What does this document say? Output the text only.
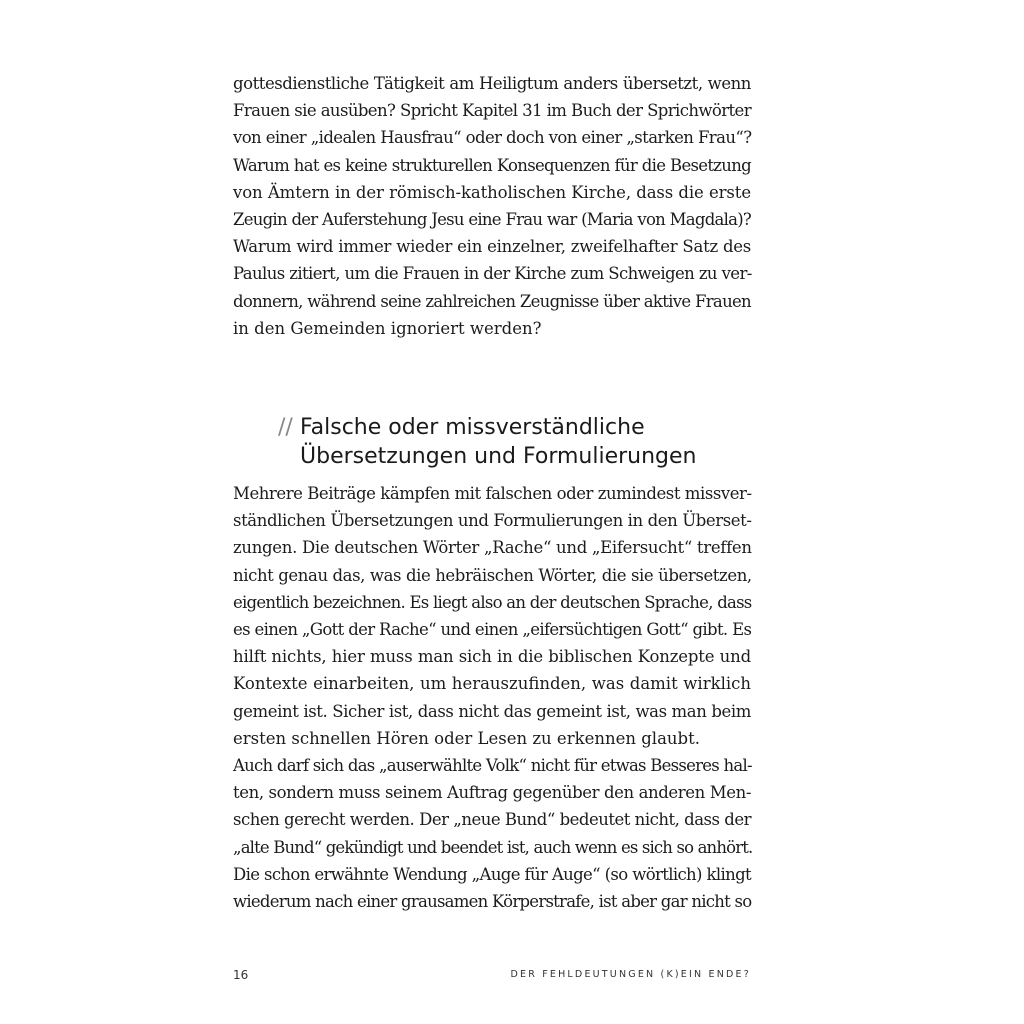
gottesdienstliche Tätigkeit am Heiligtum anders übersetzt, wenn
Frauen sie ausüben? Spricht Kapitel 31 im Buch der Sprichwörter
von einer „idealen Hausfrau“ oder doch von einer „starken Frau“?
Warum hat es keine strukturellen Konsequenzen für die Besetzung
von Ämtern in der römisch-katholischen Kirche, dass die erste
Zeugin der Auferstehung Jesu eine Frau war (Maria von Magdala)?
Warum wird immer wieder ein einzelner, zweifelhafter Satz des
Paulus zitiert, um die Frauen in der Kirche zum Schweigen zu ver-
donnern, während seine zahlreichen Zeugnisse über aktive Frauen
in den Gemeinden ignoriert werden?
// Falsche oder missverständliche
Übersetzungen und Formulierungen
Mehrere Beiträge kämpfen mit falschen oder zumindest missver-
ständlichen Übersetzungen und Formulierungen in den Überset-
zungen. Die deutschen Wörter „Rache“ und „Eifersucht“ treffen
nicht genau das, was die hebräischen Wörter, die sie übersetzen,
eigentlich bezeichnen. Es liegt also an der deutschen Sprache, dass
es einen „Gott der Rache“ und einen „eifersüchtigen Gott“ gibt. Es
hilft nichts, hier muss man sich in die biblischen Konzepte und
Kontexte einarbeiten, um herauszufinden, was damit wirklich
gemeint ist. Sicher ist, dass nicht das gemeint ist, was man beim
ersten schnellen Hören oder Lesen zu erkennen glaubt.
Auch darf sich das „auserwählte Volk“ nicht für etwas Besseres hal-
ten, sondern muss seinem Auftrag gegenüber den anderen Men-
schen gerecht werden. Der „neue Bund“ bedeutet nicht, dass der
„alte Bund“ gekündigt und beendet ist, auch wenn es sich so anhört.
Die schon erwähnte Wendung „Auge für Auge“ (so wörtlich) klingt
wiederum nach einer grausamen Körperstrafe, ist aber gar nicht so
16	DER FEHLDEUTUNGEN (K)EIN ENDE?
